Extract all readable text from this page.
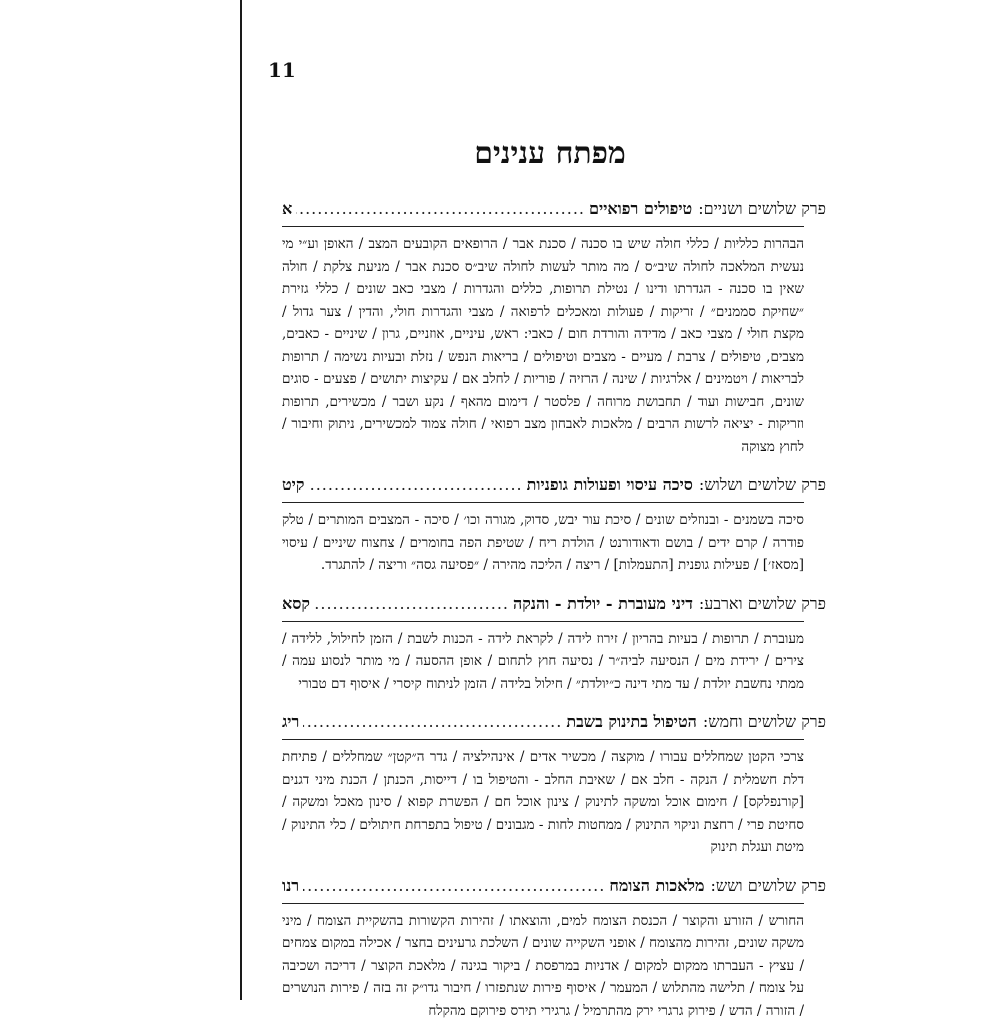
11
מפתח ענינים
פרק שלושים ושניים:
טיפולים רפואיים
.....
א
הבהרות כלליות / כללי חולה שיש בו סכנה / סכנת אבר / הרופאים הקובעים המצב / האופן וע״י מי נעשית המלאכה לחולה שיב״ס / מה מותר לעשות לחולה שיב״ס סכנת אבר / מניעת צלקת / חולה שאין בו סכנה - הגדרתו ודינו / נטילת תרופות, כללים והגדרות / מצבי כאב שונים / כללי גזירת ״שחיקת סממנים״ / זריקות / פעולות ומאכלים לרפואה / מצבי והגדרות חולי, והדין / צער גדול / מקצת חולי / מצבי כאב / מדידה והורדת חום / כאבי: ראש, עיניים, אוזניים, גרון / שיניים - כאבים, מצבים, טיפולים / צרבת / מעיים - מצבים וטיפולים / בריאות הנפש / נזלת ובעיות נשימה / תרופות לבריאות / ויטמינים / אלרגיות / שינה / הרזיה / פוריות / לחלב אם / עקיצות יתושים / פצעים - סוגים שונים, חבישות ועוד / תחבושת מרוחה / פלסטר / דימום מהאף / נקע ושבר / מכשירים, תרופות וזריקות - יציאה לרשות הרבים / מלאכות לאבחון מצב רפואי / חולה צמוד למכשירים, ניתוק וחיבור / לחוץ מצוקה
פרק שלושים ושלוש:
סיכה עיסוי ופעולות גופניות
.....
קיט
סיכה בשמנים - ובנוזלים שונים / סיכת עור יבש, סדוק, מגורה וכו׳ / סיכה - המצבים המותרים / טלק פודרה / קרם ידים / בושם ודאודורנט / הולדת ריח / שטיפת הפה בחומרים / צחצוח שיניים / עיסוי [מסאז׳] / פעילות גופנית [התעמלות] / ריצה / הליכה מהירה / ״פסיעה גסה״ וריצה / להתגרד.
פרק שלושים וארבע:
דיני מעוברת - יולדת - והנקה
.....
קסא
מעוברת / תרופות / בעיות בהריון / זירוז לידה / לקראת לידה - הכנות לשבת / הזמן לחילול, ללידה / צירים / ירידת מים / הנסיעה לביה״ר / נסיעה חוץ לתחום / אופן ההסעה / מי מותר לנסוע עמה / ממתי נחשבת יולדת / עד מתי דינה כ״יולדת״ / חילול בלידה / הזמן לניתוח קיסרי / איסוף דם טבורי
פרק שלושים וחמש:
הטיפול בתינוק בשבת
.....
ריג
צרכי הקטן שמחללים עבורו / מוקצה / מכשיר אדים / אינהילציה / גדר ה״קטן״ שמחללים / פתיחת דלת חשמלית / הנקה - חלב אם / שאיבת החלב - והטיפול בו / דייסות, הכנתן / הכנת מיני דגנים [קורנפלקס] / חימום אוכל ומשקה לתינוק / צינון אוכל חם / הפשרת קפוא / סינון מאכל ומשקה / סחיטת פרי / רחצת וניקוי התינוק / ממחטות לחות - מגבונים / טיפול בתפרחת חיתולים / כלי התינוק / מיטת ועגלת תינוק
פרק שלושים ושש:
מלאכות הצומח
.....
רנו
החורש / הזורע והקוצר / הכנסת הצומח למים, והוצאתו / זהירות הקשורות בהשקיית הצומח / מיני משקה שונים, זהירות מהצומח / אופני השקייה שונים / השלכת גרעינים בחצר / אכילה במקום צמחים / עציץ - העברתו ממקום למקום / אדניות במרפסת / ביקור בגינה / מלאכת הקוצר / דריכה ושכיבה על צומח / תלישה מהתלוש / המעמר / איסוף פירות שנתפזרו / חיבור גדו״ק זה בזה / פירות הנושרים / הזורה / הדש / פירוק גרגרי ירק מהתרמיל / גרגירי תירס פירוקם מהקלח
